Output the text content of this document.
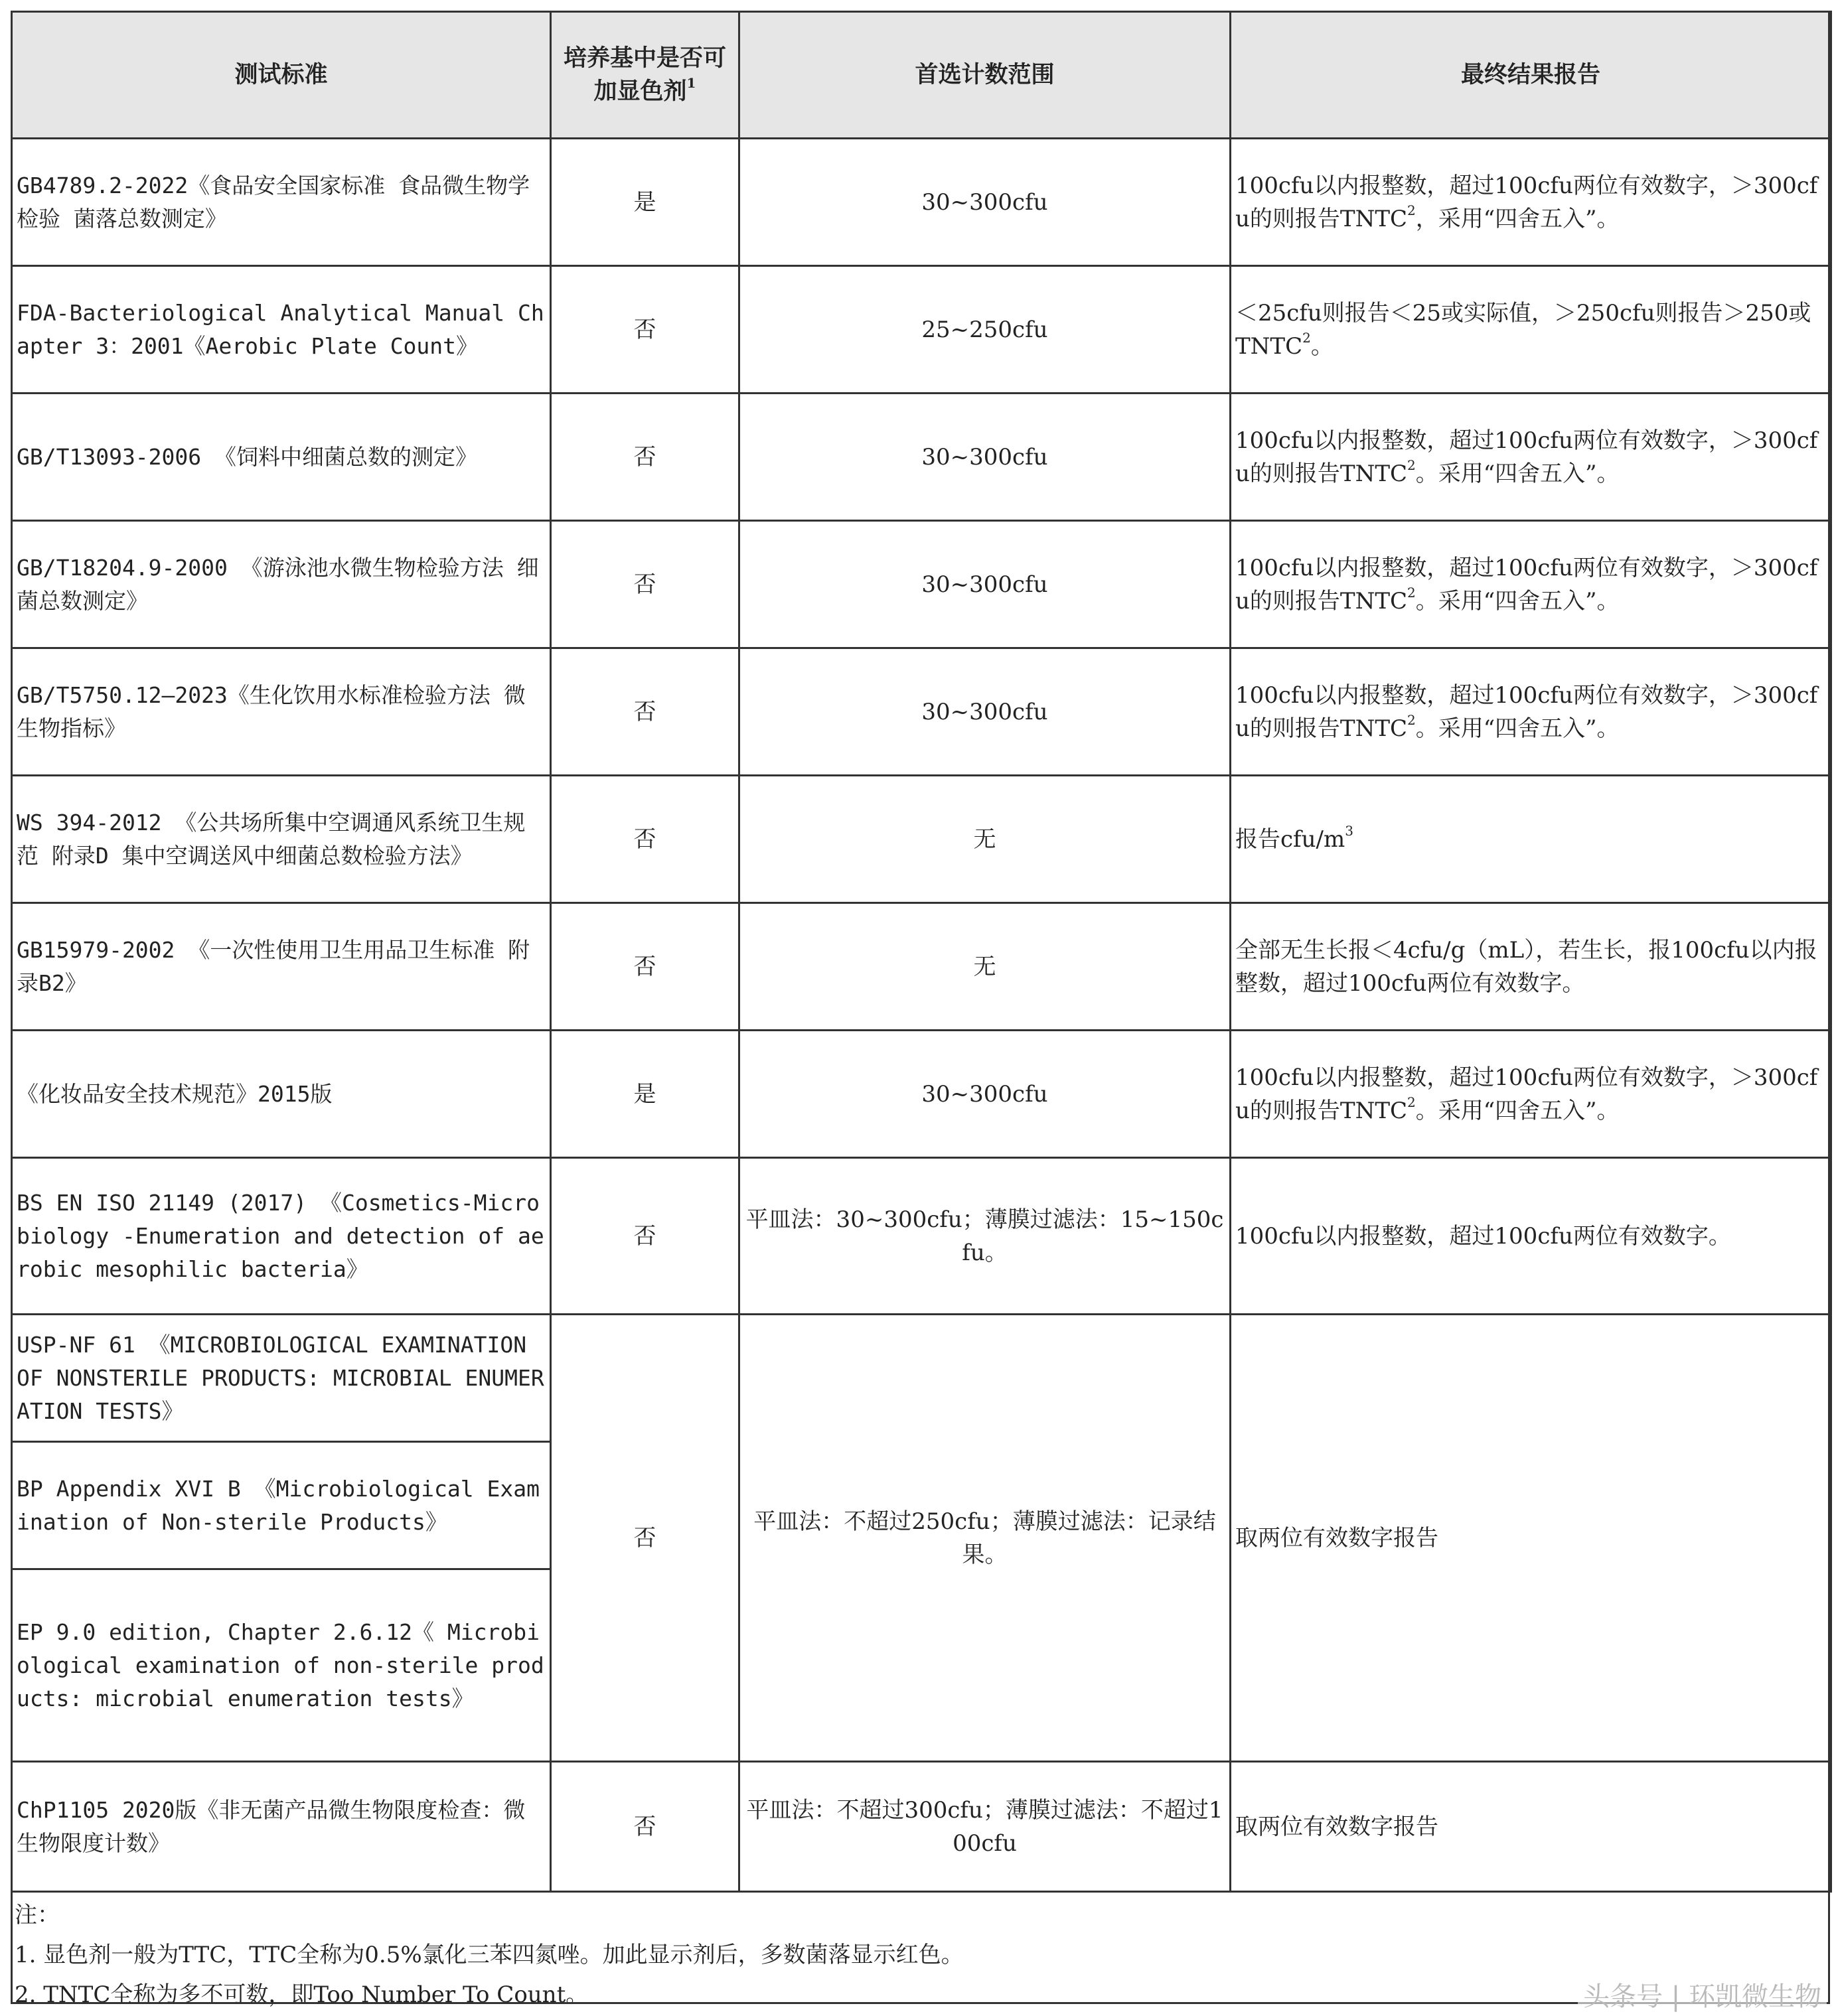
测试标准	培养基中是否可加显色剂$^1$	首选计数范围	最终结果报告
GB4789.2-2022《食品安全国家标准 食品微生物学检验 菌落总数测定》	是	30~300cfu	100cfu以内报整数，超过100cfu两位有效数字，＞300cfu的则报告TNTC$^2$，采用“四舍五入”。
FDA-Bacteriological Analytical Manual Chapter 3：2001《Aerobic Plate Count》	否	25~250cfu	＜25cfu则报告＜25或实际值，＞250cfu则报告＞250或TNTC$^2$。
GB/T13093-2006 《饲料中细菌总数的测定》	否	30~300cfu	100cfu以内报整数，超过100cfu两位有效数字，＞300cfu的则报告TNTC$^2$。采用“四舍五入”。
GB/T18204.9-2000 《游泳池水微生物检验方法 细菌总数测定》	否	30~300cfu	100cfu以内报整数，超过100cfu两位有效数字，＞300cfu的则报告TNTC$^2$。采用“四舍五入”。
GB/T5750.12—2023《生化饮用水标准检验方法 微生物指标》	否	30~300cfu	100cfu以内报整数，超过100cfu两位有效数字，＞300cfu的则报告TNTC$^2$。采用“四舍五入”。
WS 394-2012 《公共场所集中空调通风系统卫生规范 附录D 集中空调送风中细菌总数检验方法》	否	无	报告cfu/$m^3$
GB15979-2002 《一次性使用卫生用品卫生标准 附录B2》	否	无	全部无生长报＜4cfu/g（mL），若生长，报100cfu以内报整数，超过100cfu两位有效数字。
《化妆品安全技术规范》2015版	是	30~300cfu	100cfu以内报整数，超过100cfu两位有效数字，＞300cfu的则报告TNTC$^2$。采用“四舍五入”。
BS EN ISO 21149 (2017) 《Cosmetics-Microbiology -Enumeration and detection of aerobic mesophilic bacteria》	否	平皿法：30~300cfu；薄膜过滤法：15~150cfu。	100cfu以内报整数，超过100cfu两位有效数字。
USP-NF 61 《MICROBIOLOGICAL EXAMINATION OF NONSTERILE PRODUCTS: MICROBIAL ENUMERATION TESTS》	否	平皿法：不超过250cfu；薄膜过滤法：记录结果。	取两位有效数字报告
BP Appendix XVI B 《Microbiological Examination of Non-sterile Products》			
EP 9.0 edition, Chapter 2.6.12《 Microbiological examination of non-sterile products: microbial enumeration tests》			
ChP1105 2020版《非无菌产品微生物限度检查：微生物限度计数》	否	平皿法：不超过300cfu；薄膜过滤法：不超过100cfu	取两位有效数字报告
注：
1. 显色剂一般为TTC，TTC全称为0.5%氯化三苯四氮唑。加此显示剂后，多数菌落显示红色。
2. TNTC全称为多不可数，即Too Number To Count。	头条号 | 环凯微生物
